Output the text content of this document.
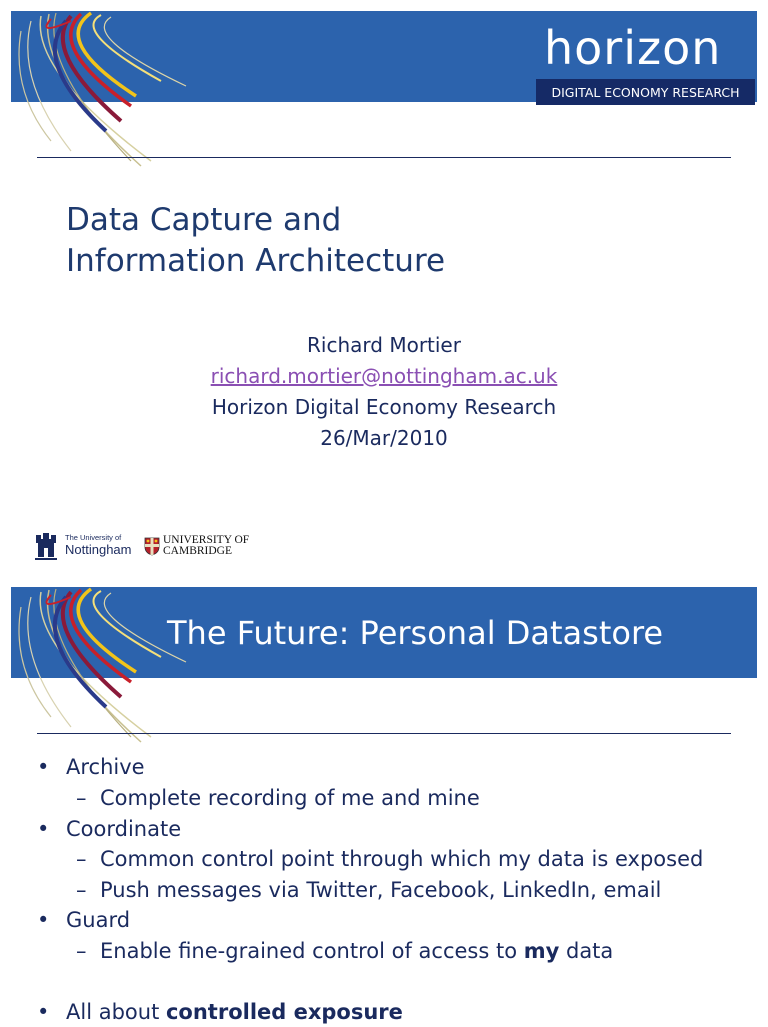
horizon
DIGITAL ECONOMY RESEARCH
Data Capture and
Information Architecture
Richard Mortier
richard.mortier@nottingham.ac.uk
Horizon Digital Economy Research
26/Mar/2010
The University of
Nottingham
UNIVERSITY OF
CAMBRIDGE
The Future: Personal Datastore
• Archive
– Complete recording of me and mine
• Coordinate
– Common control point through which my data is exposed
– Push messages via Twitter, Facebook, LinkedIn, email
• Guard
– Enable fine-grained control of access to my data
• All about controlled exposure
